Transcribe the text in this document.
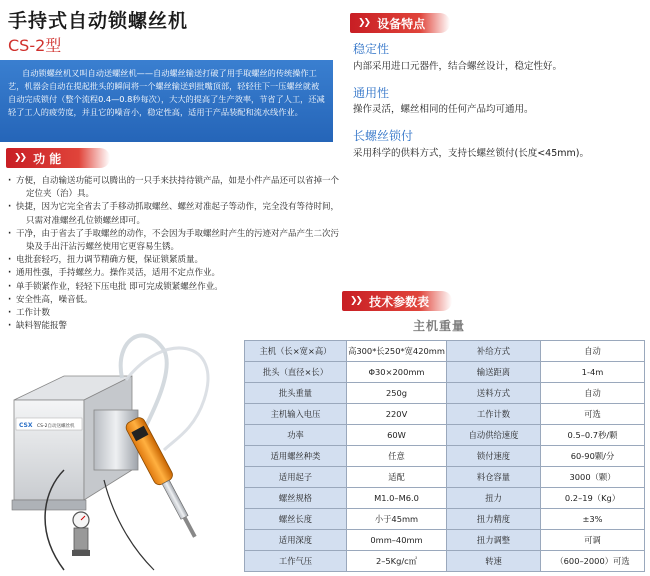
手持式自动锁螺丝机
CS-2型
自动锁螺丝机又叫自动送螺丝机——自动螺丝输送打破了用手取螺丝的传统操作工艺，机器会自动在提起批头的瞬间将一个螺丝输送到批嘴顶部，轻轻往下一压螺丝就被自动完成锁付（整个流程0.4—0.8秒每次），大大的提高了生产效率，节省了人工，还减轻了工人的疲劳度，并且它的噪音小，稳定性高，适用于产品装配和流水线作业。
❯❯ 设备特点
稳定性
内部采用进口元器件，结合螺丝设计，稳定性好。
通用性
操作灵活，螺丝相同的任何产品均可通用。
长螺丝锁付
采用科学的供料方式，支持长螺丝锁付(长度<45mm)。
❯❯ 功 能
· 方便，自动输送功能可以腾出的一只手来扶持待锁产品，如是小件产品还可以省掉一个
定位夹（治）具。
· 快捷，因为它完全省去了手移动抓取螺丝、螺丝对准起子等动作，完全没有等待时间，
只需对准螺丝孔位锁螺丝即可。
· 干净，由于省去了手取螺丝的动作，不会因为手取螺丝时产生的污迹对产品产生二次污
染及手出汗沾污螺丝使用它更容易生锈。
· 电批套轻巧，扭力调节精确方便，保证锁紧质量。
· 通用性强，手持螺丝力。操作灵活，适用不定点作业。
· 单手锁紧作业，轻轻下压电批 即可完成锁紧螺丝作业。
· 安全性高，噪音低。
· 工作计数
· 缺料智能报警
❯❯ 技术参数表
主机重量
主机（长×宽×高）	高300*长250*宽420mm	补给方式	自动
批头（直径×长）	Φ30×200mm	输送距离	1-4m
批头重量	250g	送料方式	自动
主机输入电压	220V	工作计数	可选
功率	60W	自动供给速度	0.5–0.7秒/颗
适用螺丝种类	任意	锁付速度	60-90颗/分
适用起子	适配	料仓容量	3000（颗）
螺丝规格	M1.0–M6.0	扭力	0.2–19（Kg）
螺丝长度	小于45mm	扭力精度	±3%
适用深度	0mm–40mm	扭力调整	可调
工作气压	2–5Kg/c㎡	转速	（600–2000）可选
CSX CS-2自动送螺丝机
